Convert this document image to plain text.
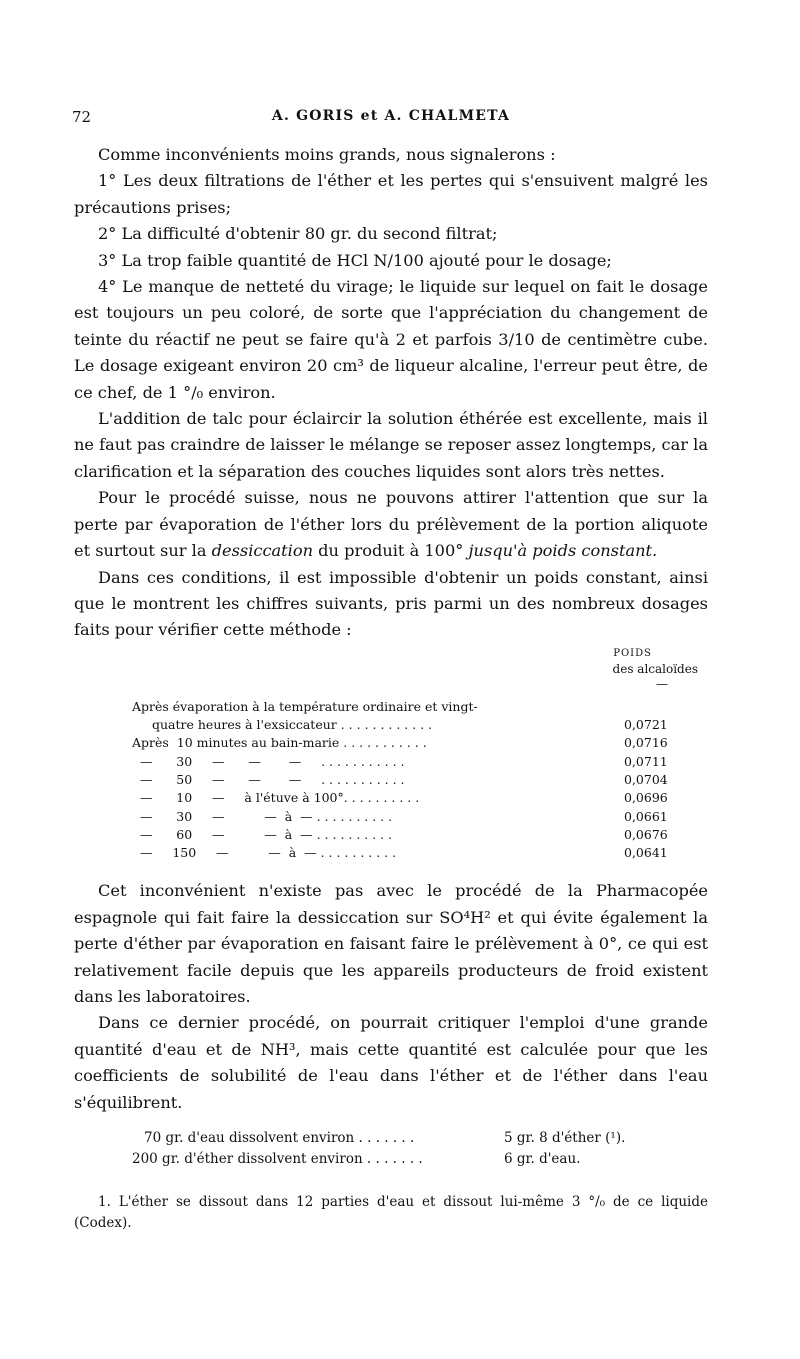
72	A. GORIS et A. CHALMETA

Comme inconvénients moins grands, nous signalerons :

1° Les deux filtrations de l'éther et les pertes qui s'ensuivent malgré les précautions prises;

2° La difficulté d'obtenir 80 gr. du second filtrat;

3° La trop faible quantité de HCl N/100 ajouté pour le dosage;

4° Le manque de netteté du virage; le liquide sur lequel on fait le dosage est toujours un peu coloré, de sorte que l'appréciation du changement de teinte du réactif ne peut se faire qu'à 2 et parfois 3/10 de centimètre cube. Le dosage exigeant environ 20 cm³ de liqueur alcaline, l'erreur peut être, de ce chef, de 1 °/₀ environ.

L'addition de talc pour éclaircir la solution éthérée est excellente, mais il ne faut pas craindre de laisser le mélange se reposer assez longtemps, car la clarification et la séparation des couches liquides sont alors très nettes.

Pour le procédé suisse, nous ne pouvons attirer l'attention que sur la perte par évaporation de l'éther lors du prélèvement de la portion aliquote et surtout sur la dessiccation du produit à 100° jusqu'à poids constant.

Dans ces conditions, il est impossible d'obtenir un poids constant, ainsi que le montrent les chiffres suivants, pris parmi un des nombreux dosages faits pour vérifier cette méthode :

POIDS
des alcaloïdes
—
Après évaporation à la température ordinaire et vingt-
quatre heures à l'exsiccateur . . . . . . . . . . . .	0,0721
Après  10 minutes au bain-marie . . . . . . . . . . .	0,0716
—      30     —      —       —     . . . . . . . . . . .	0,0711
—      50     —      —       —     . . . . . . . . . . .	0,0704
—      10     —     à l'étuve à 100°. . . . . . . . . .	0,0696
—      30     —          —  à  — . . . . . . . . . .	0,0661
—      60     —          —  à  — . . . . . . . . . .	0,0676
—     150     —          —  à  — . . . . . . . . . .	0,0641

Cet inconvénient n'existe pas avec le procédé de la Pharmacopée espagnole qui fait faire la dessiccation sur SO⁴H² et qui évite également la perte d'éther par évaporation en faisant faire le prélèvement à 0°, ce qui est relativement facile depuis que les appareils producteurs de froid existent dans les laboratoires.

Dans ce dernier procédé, on pourrait critiquer l'emploi d'une grande quantité d'eau et de NH³, mais cette quantité est calculée pour que les coefficients de solubilité de l'eau dans l'éther et de l'éther dans l'eau s'équilibrent.

70 gr. d'eau dissolvent environ . . . . . . .	5 gr. 8 d'éther (¹).
200 gr. d'éther dissolvent environ . . . . . . .	6 gr. d'eau.

1. L'éther se dissout dans 12 parties d'eau et dissout lui-même 3 °/₀ de ce liquide (Codex).
